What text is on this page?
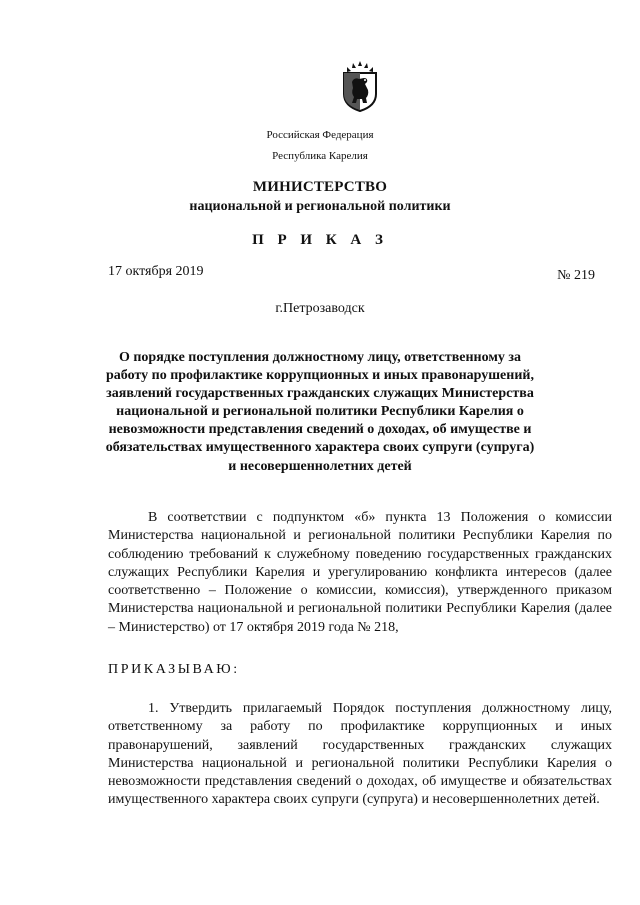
Российская Федерация
Республика Карелия
МИНИСТЕРСТВО
национальной и региональной политики
П Р И К А З
17 октября 2019	№ 219
г.Петрозаводск
О порядке поступления должностному лицу, ответственному за работу по профилактике коррупционных и иных правонарушений, заявлений государственных гражданских служащих Министерства национальной и региональной политики Республики Карелия о невозможности представления сведений о доходах, об имуществе и обязательствах имущественного характера своих супруги (супруга) и несовершеннолетних детей
В соответствии с подпунктом «б» пункта 13 Положения о комиссии Министерства национальной и региональной политики Республики Карелия по соблюдению требований к служебному поведению государственных гражданских служащих Республики Карелия и урегулированию конфликта интересов (далее соответственно – Положение о комиссии, комиссия), утвержденного приказом Министерства национальной и региональной политики Республики Карелия (далее – Министерство) от 17 октября 2019 года № 218,
ПРИКАЗЫВАЮ:
1. Утвердить прилагаемый Порядок поступления должностному лицу, ответственному за работу по профилактике коррупционных и иных правонарушений, заявлений государственных гражданских служащих Министерства национальной и региональной политики Республики Карелия о невозможности представления сведений о доходах, об имуществе и обязательствах имущественного характера своих супруги (супруга) и несовершеннолетних детей.
